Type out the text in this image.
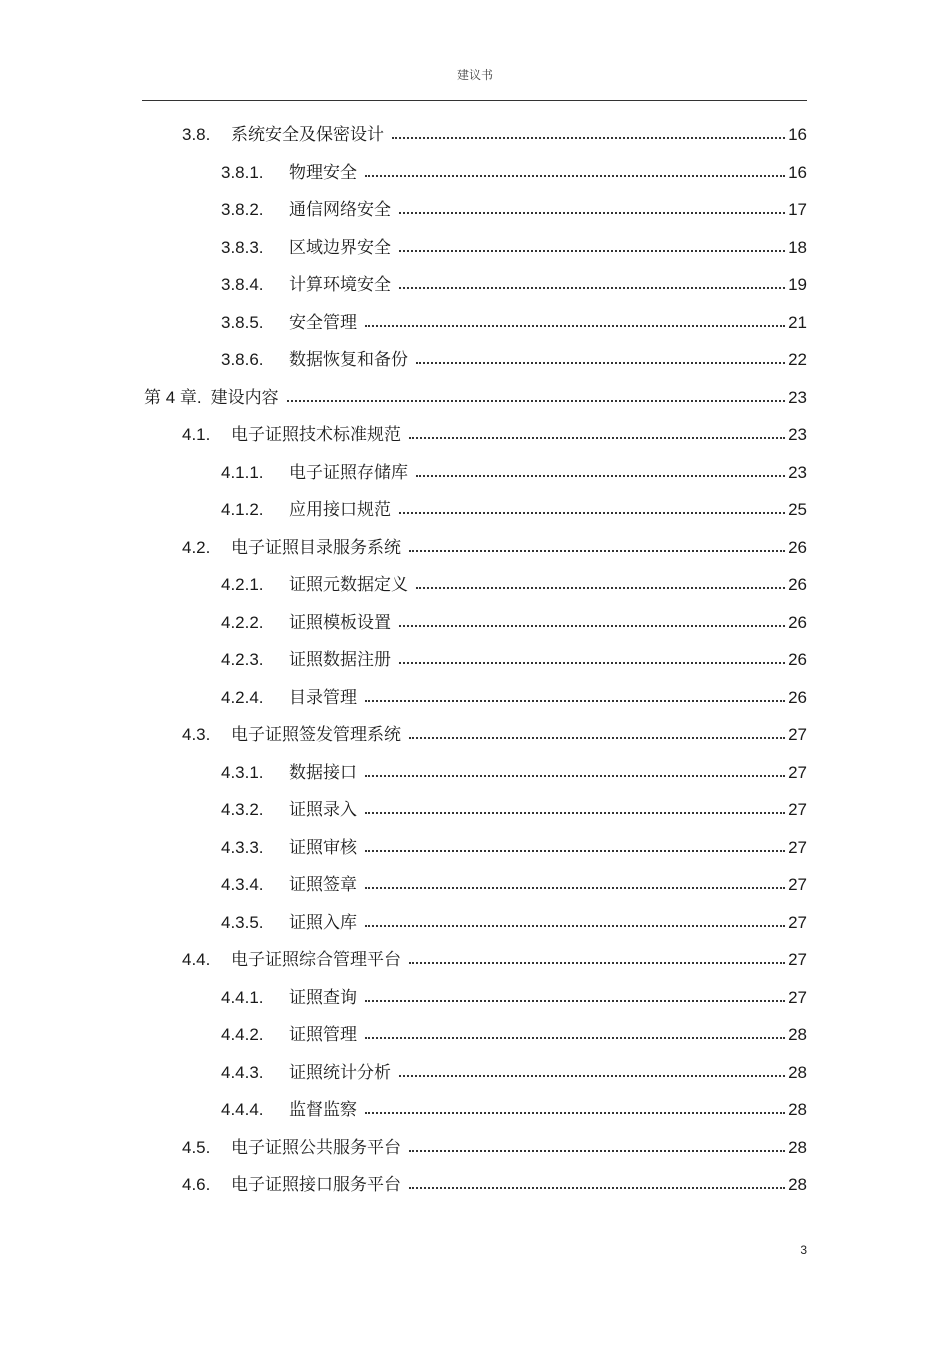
建议书
3.8.	系统安全及保密设计	16
3.8.1.	物理安全	16
3.8.2.	通信网络安全	17
3.8.3.	区域边界安全	18
3.8.4.	计算环境安全	19
3.8.5.	安全管理	21
3.8.6.	数据恢复和备份	22
第 4 章. 建设内容	23
4.1.	电子证照技术标准规范	23
4.1.1.	电子证照存储库	23
4.1.2.	应用接口规范	25
4.2.	电子证照目录服务系统	26
4.2.1.	证照元数据定义	26
4.2.2.	证照模板设置	26
4.2.3.	证照数据注册	26
4.2.4.	目录管理	26
4.3.	电子证照签发管理系统	27
4.3.1.	数据接口	27
4.3.2.	证照录入	27
4.3.3.	证照审核	27
4.3.4.	证照签章	27
4.3.5.	证照入库	27
4.4.	电子证照综合管理平台	27
4.4.1.	证照查询	27
4.4.2.	证照管理	28
4.4.3.	证照统计分析	28
4.4.4.	监督监察	28
4.5.	电子证照公共服务平台	28
4.6.	电子证照接口服务平台	28
3
